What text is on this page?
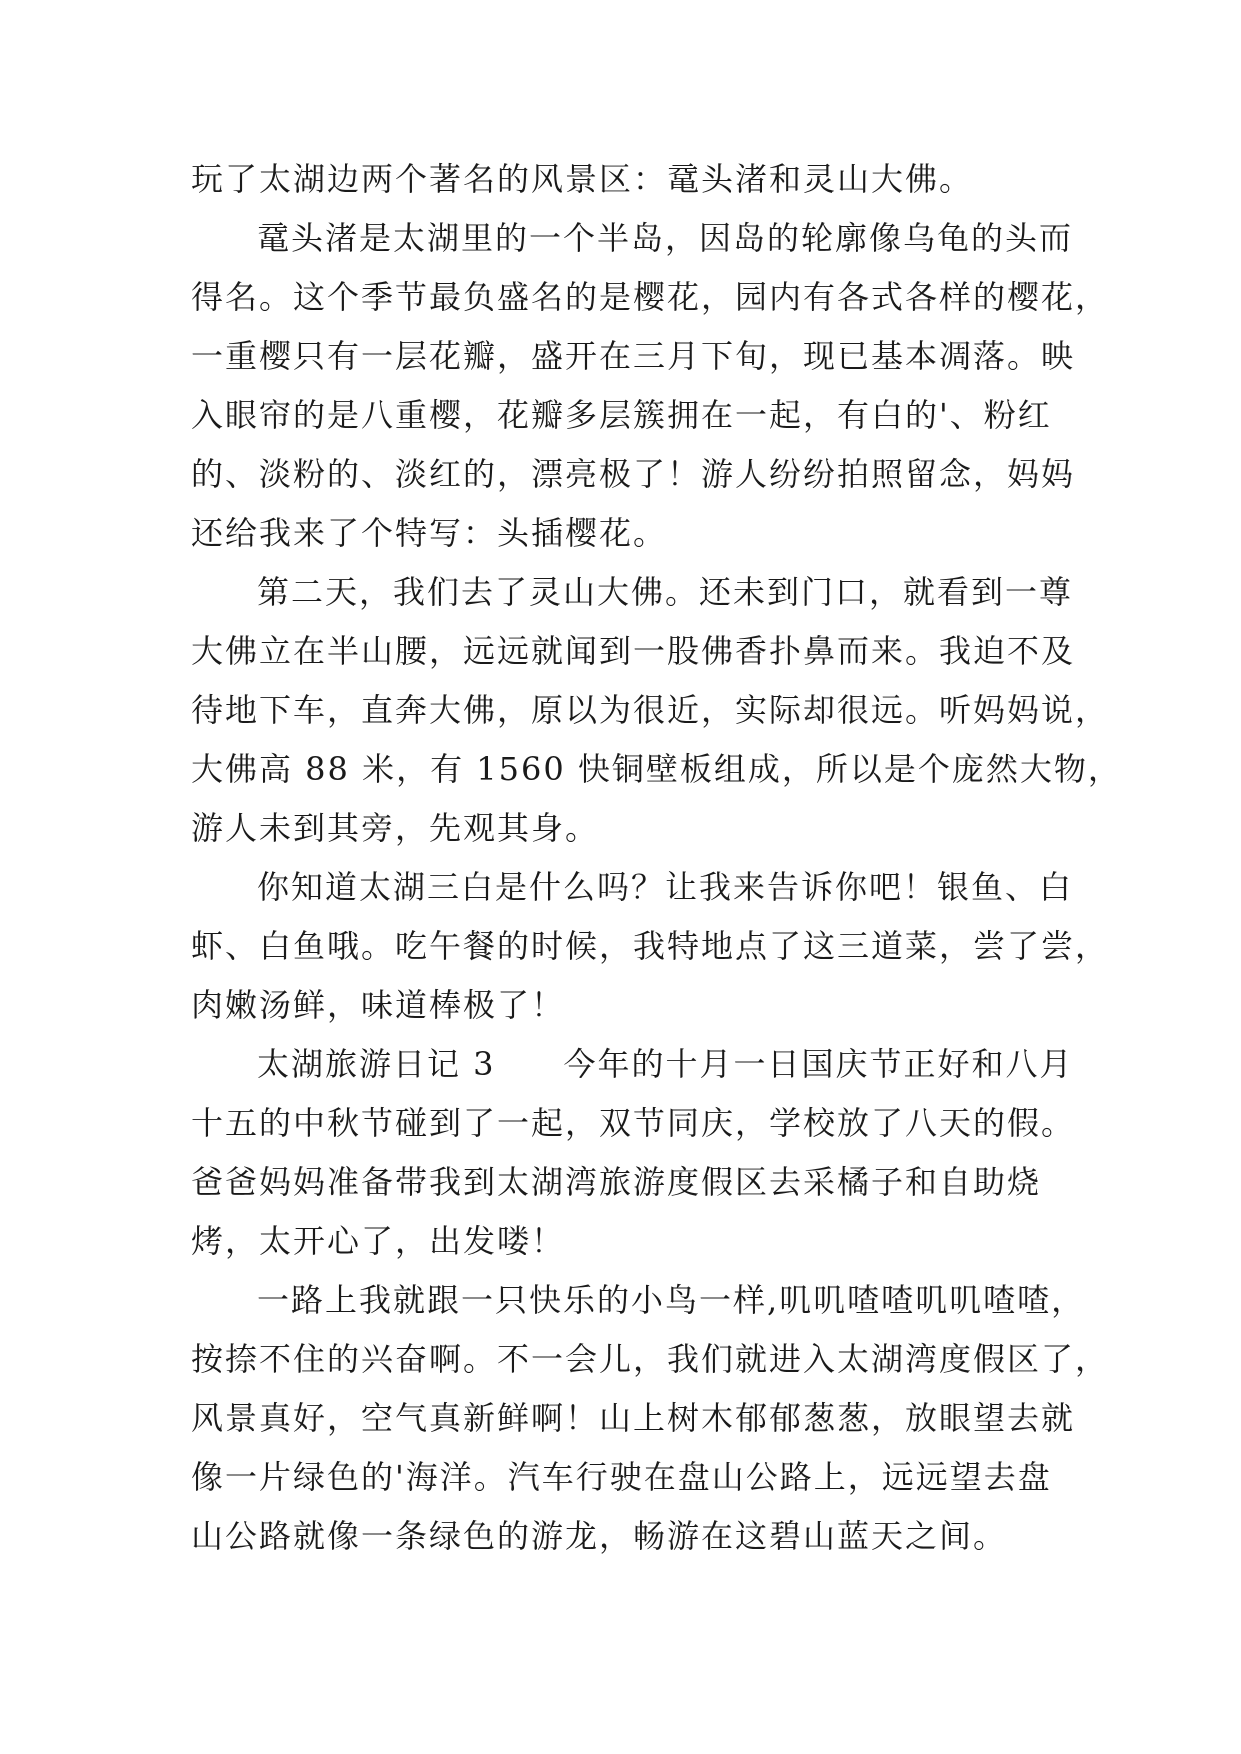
玩了太湖边两个著名的风景区：鼋头渚和灵山大佛。
鼋头渚是太湖里的一个半岛，因岛的轮廓像乌龟的头而
得名。这个季节最负盛名的是樱花，园内有各式各样的樱花，
一重樱只有一层花瓣，盛开在三月下旬，现已基本凋落。映
入眼帘的是八重樱，花瓣多层簇拥在一起，有白的'、粉红
的、淡粉的、淡红的，漂亮极了！游人纷纷拍照留念，妈妈
还给我来了个特写：头插樱花。
第二天，我们去了灵山大佛。还未到门口，就看到一尊
大佛立在半山腰，远远就闻到一股佛香扑鼻而来。我迫不及
待地下车，直奔大佛，原以为很近，实际却很远。听妈妈说，
大佛高 88 米，有 1560 快铜壁板组成，所以是个庞然大物，
游人未到其旁，先观其身。
你知道太湖三白是什么吗？让我来告诉你吧！银鱼、白
虾、白鱼哦。吃午餐的时候，我特地点了这三道菜，尝了尝，
肉嫩汤鲜，味道棒极了！
太湖旅游日记 3　　今年的十月一日国庆节正好和八月
十五的中秋节碰到了一起，双节同庆，学校放了八天的假。
爸爸妈妈准备带我到太湖湾旅游度假区去采橘子和自助烧
烤，太开心了，出发喽！
一路上我就跟一只快乐的小鸟一样,叽叽喳喳叽叽喳喳，
按捺不住的兴奋啊。不一会儿，我们就进入太湖湾度假区了，
风景真好，空气真新鲜啊！山上树木郁郁葱葱，放眼望去就
像一片绿色的'海洋。汽车行驶在盘山公路上，远远望去盘
山公路就像一条绿色的游龙，畅游在这碧山蓝天之间。
